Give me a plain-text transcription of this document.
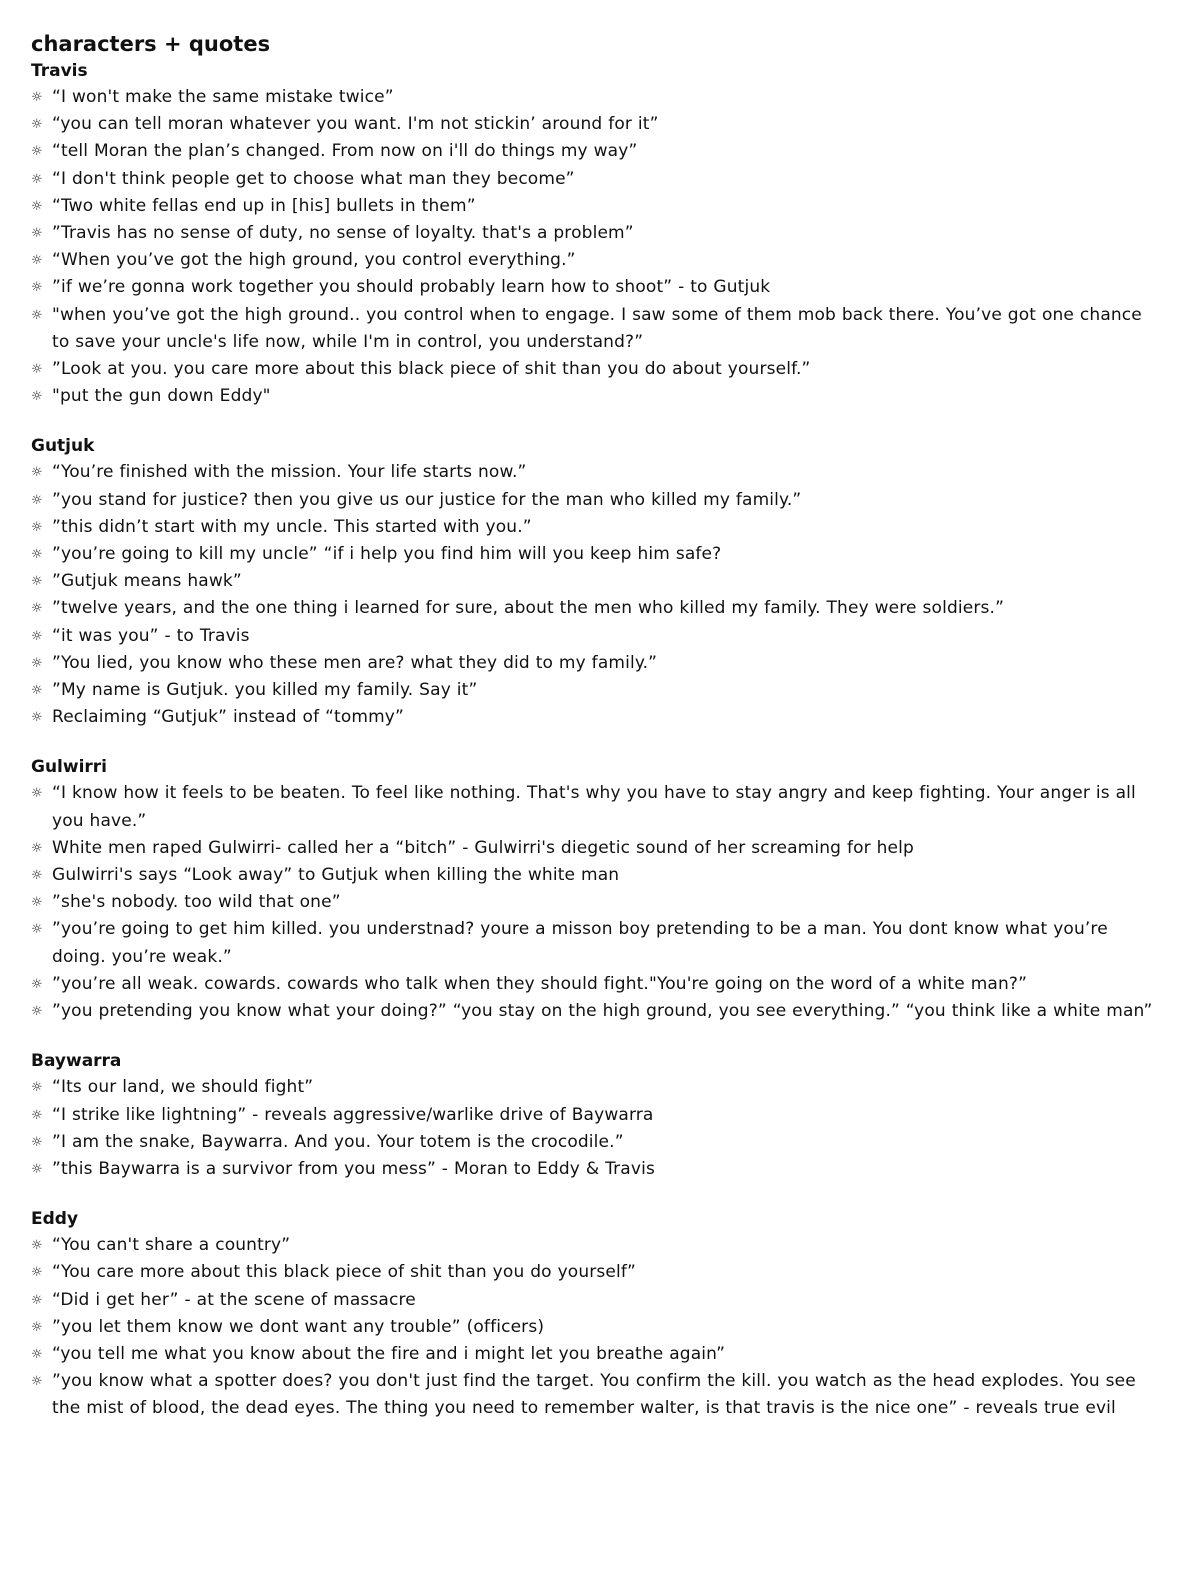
characters + quotes
Travis
☼ “I won't make the same mistake twice”
☼ “you can tell moran whatever you want. I'm not stickin’ around for it”
☼ “tell Moran the plan’s changed. From now on i'll do things my way”
☼ “I don't think people get to choose what man they become”
☼ “Two white fellas end up in [his] bullets in them”
☼ ”Travis has no sense of duty, no sense of loyalty. that's a problem”
☼ “When you’ve got the high ground, you control everything.”
☼ ”if we’re gonna work together you should probably learn how to shoot” - to Gutjuk
☼ "when you’ve got the high ground.. you control when to engage. I saw some of them mob back there. You’ve got one chance to save your uncle's life now, while I'm in control, you understand?”
☼ ”Look at you. you care more about this black piece of shit than you do about yourself.”
☼ "put the gun down Eddy"
Gutjuk
☼ “You’re finished with the mission. Your life starts now.”
☼ ”you stand for justice? then you give us our justice for the man who killed my family.”
☼ ”this didn’t start with my uncle. This started with you.”
☼ ”you’re going to kill my uncle” “if i help you find him will you keep him safe?
☼ ”Gutjuk means hawk”
☼ ”twelve years, and the one thing i learned for sure, about the men who killed my family. They were soldiers.”
☼ “it was you” - to Travis
☼ ”You lied, you know who these men are? what they did to my family.”
☼ ”My name is Gutjuk. you killed my family. Say it”
☼ Reclaiming “Gutjuk” instead of “tommy”
Gulwirri
☼ “I know how it feels to be beaten. To feel like nothing. That's why you have to stay angry and keep fighting. Your anger is all you have.”
☼ White men raped Gulwirri- called her a “bitch” - Gulwirri's diegetic sound of her screaming for help
☼ Gulwirri's says “Look away” to Gutjuk when killing the white man
☼ ”she's nobody. too wild that one”
☼ ”you’re going to get him killed. you understnad? youre a misson boy pretending to be a man. You dont know what you’re doing. you’re weak.”
☼ ”you’re all weak. cowards. cowards who talk when they should fight."You're going on the word of a white man?”
☼ ”you pretending you know what your doing?” “you stay on the high ground, you see everything.” “you think like a white man”
Baywarra
☼ “Its our land, we should fight”
☼ “I strike like lightning” - reveals aggressive/warlike drive of Baywarra
☼ ”I am the snake, Baywarra. And you. Your totem is the crocodile.”
☼ ”this Baywarra is a survivor from you mess” - Moran to Eddy & Travis
Eddy
☼ “You can't share a country”
☼ “You care more about this black piece of shit than you do yourself”
☼ “Did i get her” - at the scene of massacre
☼ ”you let them know we dont want any trouble” (officers)
☼ “you tell me what you know about the fire and i might let you breathe again”
☼ ”you know what a spotter does? you don't just find the target. You confirm the kill. you watch as the head explodes. You see the mist of blood, the dead eyes. The thing you need to remember walter, is that travis is the nice one” - reveals true evil
